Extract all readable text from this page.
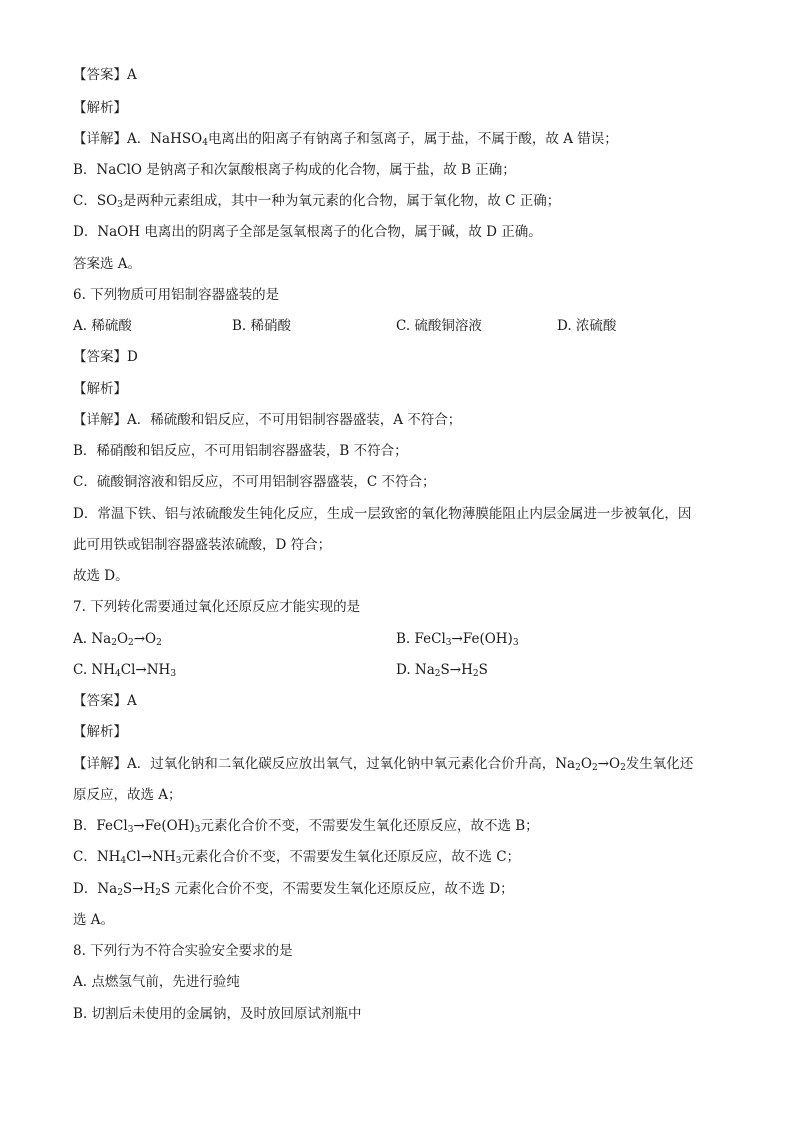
【答案】A
【解析】
【详解】A．NaHSO$_4$电离出的阳离子有钠离子和氢离子，属于盐，不属于酸，故 A 错误；
B．NaClO 是钠离子和次氯酸根离子构成的化合物，属于盐，故 B 正确；
C．$SO_3$是两种元素组成，其中一种为氧元素的化合物，属于氧化物，故 C 正确；
D．NaOH 电离出的阴离子全部是氢氧根离子的化合物，属于碱，故 D 正确。
答案选 A。
6. 下列物质可用铝制容器盛装的是
A. 稀硫酸	B. 稀硝酸	C. 硫酸铜溶液	D. 浓硫酸
【答案】D
【解析】
【详解】A．稀硫酸和铝反应，不可用铝制容器盛装，A 不符合；
B．稀硝酸和铝反应，不可用铝制容器盛装，B 不符合；
C．硫酸铜溶液和铝反应，不可用铝制容器盛装，C 不符合；
D．常温下铁、铝与浓硫酸发生钝化反应，生成一层致密的氧化物薄膜能阻止内层金属进一步被氧化，因
此可用铁或铝制容器盛装浓硫酸，D 符合；
故选 D。
7. 下列转化需要通过氧化还原反应才能实现的是
A. $Na_2O_2\to O_2$	B. $FeCl_3\to Fe(OH)_3$
C. $NH_4Cl\to NH_3$	D. $Na_2S\to H_2S$
【答案】A
【解析】
【详解】A．过氧化钠和二氧化碳反应放出氧气，过氧化钠中氧元素化合价升高，$Na_2O_2\to O_2$发生氧化还
原反应，故选 A；
B．$FeCl_3\to Fe(OH)_3$元素化合价不变，不需要发生氧化还原反应，故不选 B；
C．$NH_4Cl\to NH_3$元素化合价不变，不需要发生氧化还原反应，故不选 C；
D．$Na_2S\to H_2S$ 元素化合价不变，不需要发生氧化还原反应，故不选 D；
选 A。
8. 下列行为不符合实验安全要求的是
A. 点燃氢气前，先进行验纯
B. 切割后未使用的金属钠，及时放回原试剂瓶中
